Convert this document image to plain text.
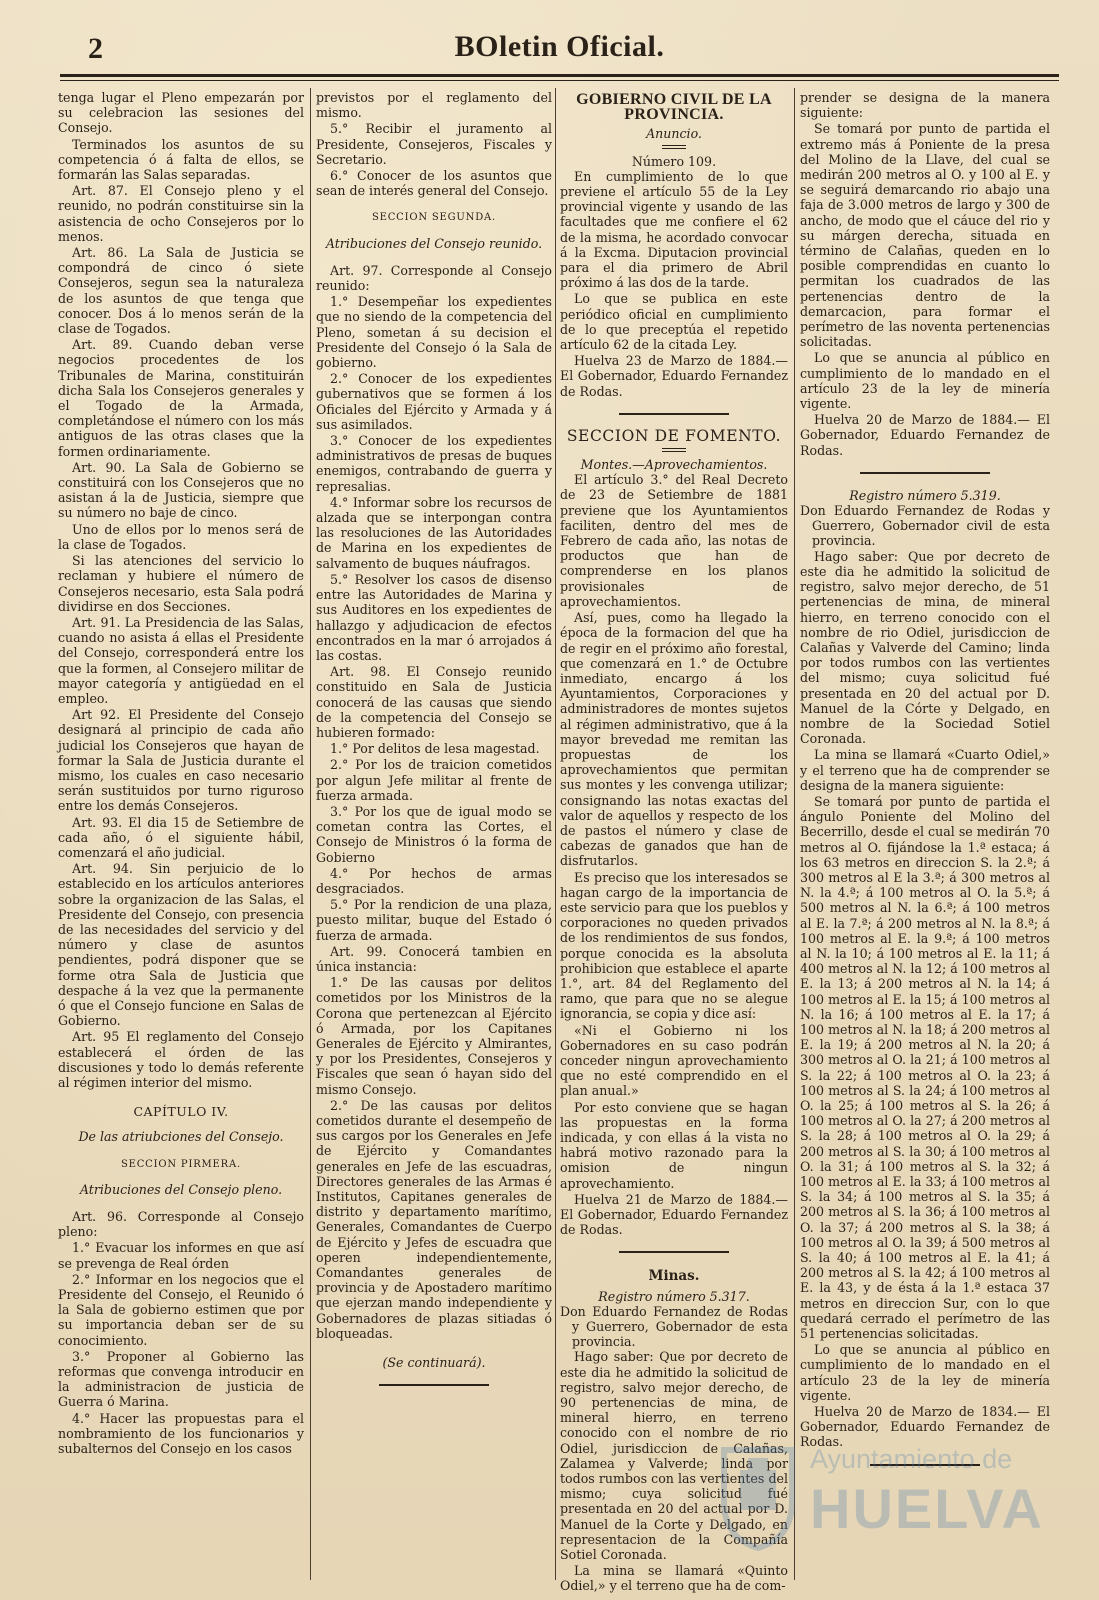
2	BOletin Oficial.

tenga lugar el Pleno empezarán por su celebracion las sesiones del Consejo.

Terminados los asuntos de su competencia ó á falta de ellos, se formarán las Salas separadas.

Art. 87. El Consejo pleno y el reunido, no podrán constituirse sin la asistencia de ocho Consejeros por lo menos.

Art. 86. La Sala de Justicia se compondrá de cinco ó siete Consejeros, segun sea la naturaleza de los asuntos de que tenga que conocer. Dos á lo menos serán de la clase de Togados.

Art. 89. Cuando deban verse negocios procedentes de los Tribunales de Marina, constituirán dicha Sala los Consejeros generales y el Togado de la Armada, completándose el número con los más antiguos de las otras clases que la formen ordinariamente.

Art. 90. La Sala de Gobierno se constituirá con los Consejeros que no asistan á la de Justicia, siempre que su número no baje de cinco.

Uno de ellos por lo menos será de la clase de Togados.

Si las atenciones del servicio lo reclaman y hubiere el número de Consejeros necesario, esta Sala podrá dividirse en dos Secciones.

Art. 91. La Presidencia de las Salas, cuando no asista á ellas el Presidente del Consejo, corresponderá entre los que la formen, al Consejero militar de mayor categoría y antigüedad en el empleo.

Art 92. El Presidente del Consejo designará al principio de cada año judicial los Consejeros que hayan de formar la Sala de Justicia durante el mismo, los cuales en caso necesario serán sustituidos por turno riguroso entre los demás Consejeros.

Art. 93. El dia 15 de Setiembre de cada año, ó el siguiente hábil, comenzará el año judicial.

Art. 94. Sin perjuicio de lo establecido en los artículos anteriores sobre la organizacion de las Salas, el Presidente del Consejo, con presencia de las necesidades del servicio y del número y clase de asuntos pendientes, podrá disponer que se forme otra Sala de Justicia que despache á la vez que la permanente ó que el Consejo funcione en Salas de Gobierno.

Art. 95 El reglamento del Consejo establecerá el órden de las discusiones y todo lo demás referente al régimen interior del mismo.

CAPÍTULO IV.
De las atriubciones del Consejo.
SECCION PIRMERA.
Atribuciones del Consejo pleno.

Art. 96. Corresponde al Consejo pleno:

1.° Evacuar los informes en que así se prevenga de Real órden

2.° Informar en los negocios que el Presidente del Consejo, el Reunido ó la Sala de gobierno estimen que por su importancia deban ser de su conocimiento.

3.° Proponer al Gobierno las reformas que convenga introducir en la administracion de justicia de Guerra ó Marina.

4.° Hacer las propuestas para el nombramiento de los funcionarios y subalternos del Consejo en los casos

previstos por el reglamento del mismo.

5.° Recibir el juramento al Presidente, Consejeros, Fiscales y Secretario.

6.° Conocer de los asuntos que sean de interés general del Consejo.

SECCION SEGUNDA.
Atribuciones del Consejo reunido.

Art. 97. Corresponde al Consejo reunido:

1.° Desempeñar los expedientes que no siendo de la competencia del Pleno, sometan á su decision el Presidente del Consejo ó la Sala de gobierno.

2.° Conocer de los expedientes gubernativos que se formen á los Oficiales del Ejército y Armada y á sus asimilados.

3.° Conocer de los expedientes administrativos de presas de buques enemigos, contrabando de guerra y represalias.

4.° Informar sobre los recursos de alzada que se interpongan contra las resoluciones de las Autoridades de Marina en los expedientes de salvamento de buques náufragos.

5.° Resolver los casos de disenso entre las Autoridades de Marina y sus Auditores en los expedientes de hallazgo y adjudicacion de efectos encontrados en la mar ó arrojados á las costas.

Art. 98. El Consejo reunido constituido en Sala de Justicia conocerá de las causas que siendo de la competencia del Consejo se hubieren formado:

1.° Por delitos de lesa magestad.

2.° Por los de traicion cometidos por algun Jefe militar al frente de fuerza armada.

3.° Por los que de igual modo se cometan contra las Cortes, el Consejo de Ministros ó la forma de Gobierno

4.° Por hechos de armas desgraciados.

5.° Por la rendicion de una plaza, puesto militar, buque del Estado ó fuerza de armada.

Art. 99. Conocerá tambien en única instancia:

1.° De las causas por delitos cometidos por los Ministros de la Corona que pertenezcan al Ejército ó Armada, por los Capitanes Generales de Ejército y Almirantes, y por los Presidentes, Consejeros y Fiscales que sean ó hayan sido del mismo Consejo.

2.° De las causas por delitos cometidos durante el desempeño de sus cargos por los Generales en Jefe de Ejército y Comandantes generales en Jefe de las escuadras, Directores generales de las Armas é Institutos, Capitanes generales de distrito y departamento marítimo, Generales, Comandantes de Cuerpo de Ejército y Jefes de escuadra que operen independientemente, Comandantes generales de provincia y de Apostadero marítimo que ejerzan mando independiente y Gobernadores de plazas sitiadas ó bloqueadas.

(Se continuará).
GOBIERNO CIVIL DE LA PROVINCIA.
Anuncio.
Número 109.

En cumplimiento de lo que previene el artículo 55 de la Ley provincial vigente y usando de las facultades que me confiere el 62 de la misma, he acordado convocar á la Excma. Diputacion provincial para el dia primero de Abril próximo á las dos de la tarde.

Lo que se publica en este periódico oficial en cumplimiento de lo que preceptúa el repetido artículo 62 de la citada Ley.

Huelva 23 de Marzo de 1884.— El Gobernador, Eduardo Fernandez de Rodas.

SECCION DE FOMENTO.
Montes.—Aprovechamientos.

El artículo 3.° del Real Decreto de 23 de Setiembre de 1881 previene que los Ayuntamientos faciliten, dentro del mes de Febrero de cada año, las notas de productos que han de comprenderse en los planos provisionales de aprovechamientos.

Así, pues, como ha llegado la época de la formacion del que ha de regir en el próximo año forestal, que comenzará en 1.° de Octubre inmediato, encargo á los Ayuntamientos, Corporaciones y administradores de montes sujetos al régimen administrativo, que á la mayor brevedad me remitan las propuestas de los aprovechamientos que permitan sus montes y les convenga utilizar; consignando las notas exactas del valor de aquellos y respecto de los de pastos el número y clase de cabezas de ganados que han de disfrutarlos.

Es preciso que los interesados se hagan cargo de la importancia de este servicio para que los pueblos y corporaciones no queden privados de los rendimientos de sus fondos, porque conocida es la absoluta prohibicion que establece el aparte 1.°, art. 84 del Reglamento del ramo, que para que no se alegue ignorancia, se copia y dice así:

«Ni el Gobierno ni los Gobernadores en su caso podrán conceder ningun aprovechamiento que no esté comprendido en el plan anual.»

Por esto conviene que se hagan las propuestas en la forma indicada, y con ellas á la vista no habrá motivo razonado para la omision de ningun aprovechamiento.

Huelva 21 de Marzo de 1884.— El Gobernador, Eduardo Fernandez de Rodas.

Minas.
Registro número 5.317.

Don Eduardo Fernandez de Rodas y Guerrero, Gobernador de esta provincia.

Hago saber: Que por decreto de este dia he admitido la solicitud de registro, salvo mejor derecho, de 90 pertenencias de mina, de mineral hierro, en terreno conocido con el nombre de rio Odiel, jurisdiccion de Calañas, Zalamea y Valverde; linda por todos rumbos con las vertientes del mismo; cuya solicitud fué presentada en 20 del actual por D. Manuel de la Corte y Delgado, en representacion de la Compañía Sotiel Coronada.

La mina se llamará «Quinto Odiel,» y el terreno que ha de com-

prender se designa de la manera siguiente:

Se tomará por punto de partida el extremo más á Poniente de la presa del Molino de la Llave, del cual se medirán 200 metros al O. y 100 al E. y se seguirá demarcando rio abajo una faja de 3.000 metros de largo y 300 de ancho, de modo que el cáuce del rio y su márgen derecha, situada en término de Calañas, queden en lo posible comprendidas en cuanto lo permitan los cuadrados de las pertenencias dentro de la demarcacion, para formar el perímetro de las noventa pertenencias solicitadas.

Lo que se anuncia al público en cumplimiento de lo mandado en el artículo 23 de la ley de minería vigente.

Huelva 20 de Marzo de 1884.— El Gobernador, Eduardo Fernandez de Rodas.

Registro número 5.319.

Don Eduardo Fernandez de Rodas y Guerrero, Gobernador civil de esta provincia.

Hago saber: Que por decreto de este dia he admitido la solicitud de registro, salvo mejor derecho, de 51 pertenencias de mina, de mineral hierro, en terreno conocido con el nombre de rio Odiel, jurisdiccion de Calañas y Valverde del Camino; linda por todos rumbos con las vertientes del mismo; cuya solicitud fué presentada en 20 del actual por D. Manuel de la Córte y Delgado, en nombre de la Sociedad Sotiel Coronada.

La mina se llamará «Cuarto Odiel,» y el terreno que ha de comprender se designa de la manera siguiente:

Se tomará por punto de partida el ángulo Poniente del Molino del Becerrillo, desde el cual se medirán 70 metros al O. fijándose la 1.ª estaca; á los 63 metros en direccion S. la 2.ª; á 300 metros al E la 3.ª; á 300 metros al N. la 4.ª; á 100 metros al O. la 5.ª; á 500 metros al N. la 6.ª; á 100 metros al E. la 7.ª; á 200 metros al N. la 8.ª; á 100 metros al E. la 9.ª; á 100 metros al N. la 10; á 100 metros al E. la 11; á 400 metros al N. la 12; á 100 metros al E. la 13; á 200 metros al N. la 14; á 100 metros al E. la 15; á 100 metros al N. la 16; á 100 metros al E. la 17; á 100 metros al N. la 18; á 200 metros al E. la 19; á 200 metros al N. la 20; á 300 metros al O. la 21; á 100 metros al S. la 22; á 100 metros al O. la 23; á 100 metros al S. la 24; á 100 metros al O. la 25; á 100 metros al S. la 26; á 100 metros al O. la 27; á 200 metros al S. la 28; á 100 metros al O. la 29; á 200 metros al S. la 30; á 100 metros al O. la 31; á 100 metros al S. la 32; á 100 metros al E. la 33; á 100 metros al S. la 34; á 100 metros al S. la 35; á 200 metros al S. la 36; á 100 metros al O. la 37; á 200 metros al S. la 38; á 100 metros al O. la 39; á 500 metros al S. la 40; á 100 metros al E. la 41; á 200 metros al S. la 42; á 100 metros al E. la 43, y de ésta á la 1.ª estaca 37 metros en direccion Sur, con lo que quedará cerrado el perímetro de las 51 pertenencias solicitadas.

Lo que se anuncia al público en cumplimiento de lo mandado en el artículo 23 de la ley de minería vigente.

Huelva 20 de Marzo de 1834.— El Gobernador, Eduardo Fernandez de Rodas.

Ayuntamiento de
HUELVA
